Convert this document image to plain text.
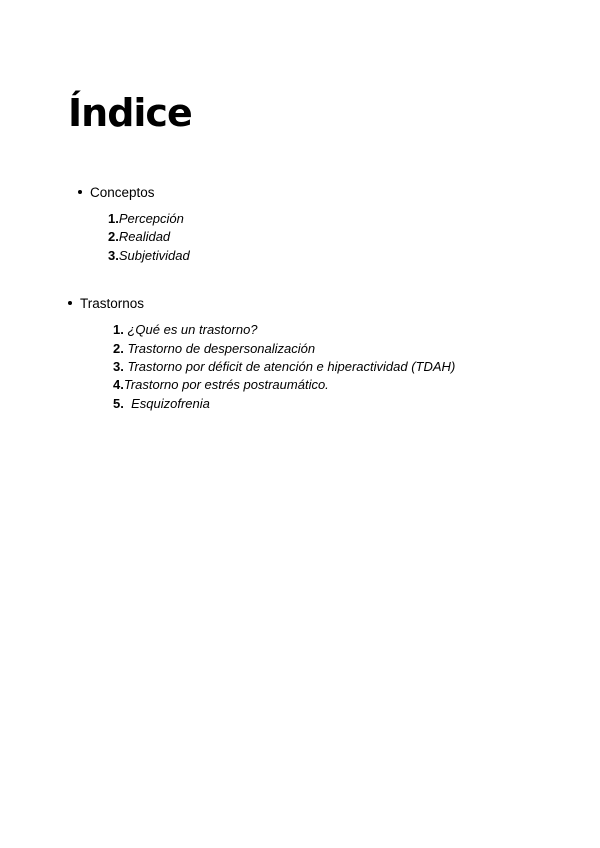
Índice
Conceptos
1.Percepción
2.Realidad
3.Subjetividad
Trastornos
1. ¿Qué es un trastorno?
2. Trastorno de despersonalización
3. Trastorno por déficit de atención e hiperactividad (TDAH)
4.Trastorno por estrés postraumático.
5. Esquizofrenia
